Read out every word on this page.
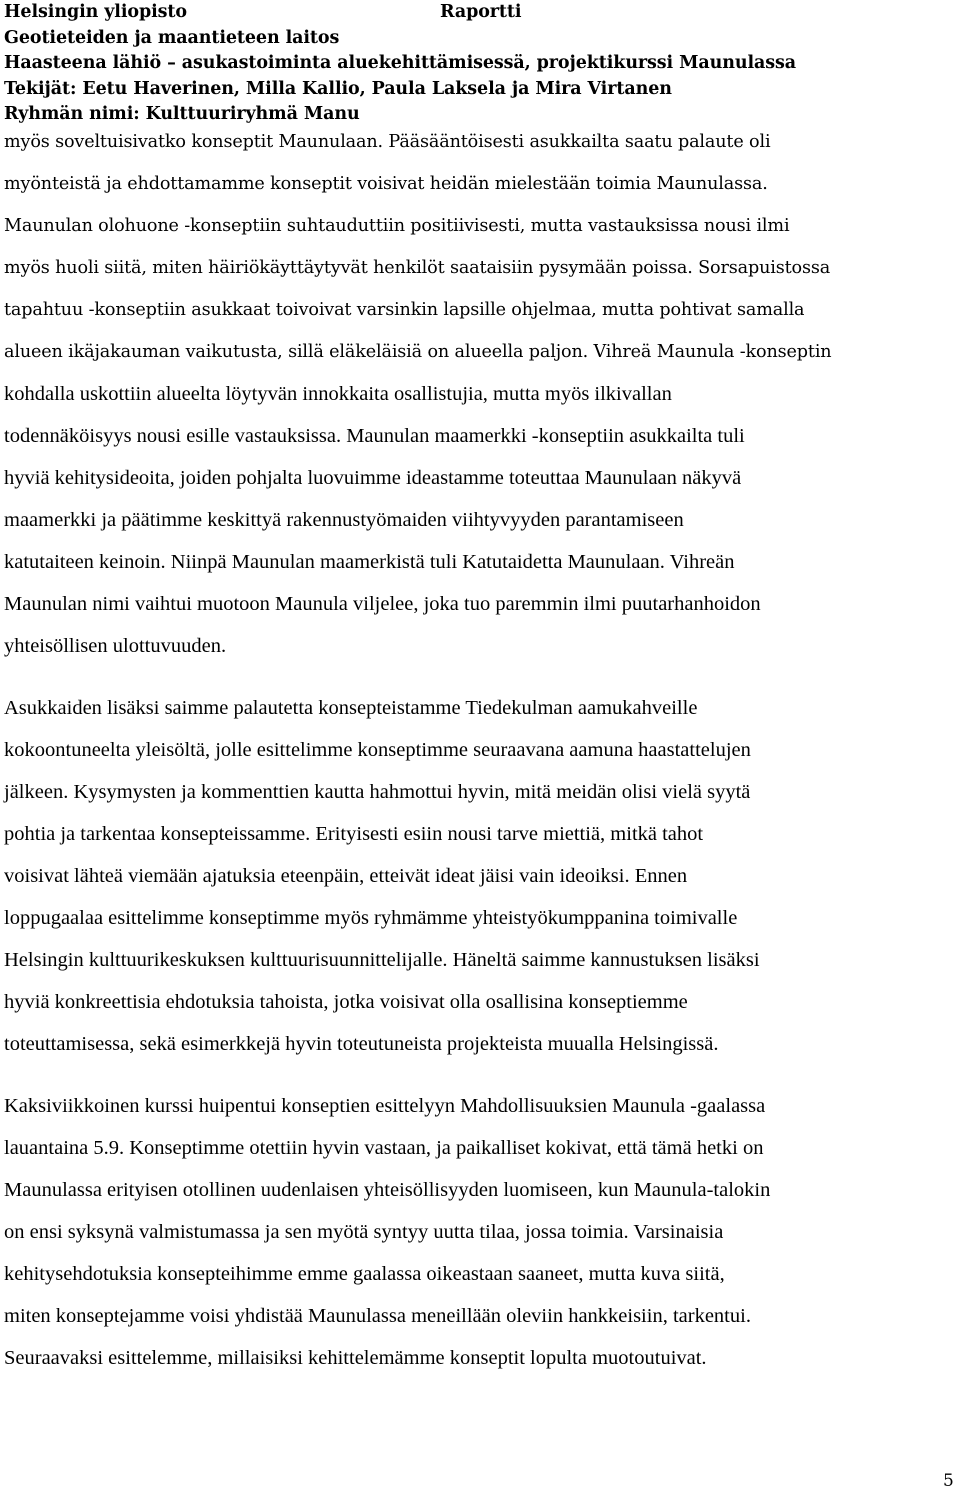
Helsingin yliopisto	Raportti
Geotieteiden ja maantieteen laitos
Haasteena lähiö – asukastoiminta aluekehittämisessä, projektikurssi Maunulassa
Tekijät: Eetu Haverinen, Milla Kallio, Paula Laksela ja Mira Virtanen
Ryhmän nimi: Kulttuuriryhmä Manu
myös soveltuisivatko konseptit Maunulaan. Pääsääntöisesti asukkailta saatu palaute oli
myönteistä ja ehdottamamme konseptit voisivat heidän mielestään toimia Maunulassa.
Maunulan olohuone -konseptiin suhtauduttiin positiivisesti, mutta vastauksissa nousi ilmi
myös huoli siitä, miten häiriökäyttäytyvät henkilöt saataisiin pysymään poissa. Sorsapuistossa
tapahtuu -konseptiin asukkaat toivoivat varsinkin lapsille ohjelmaa, mutta pohtivat samalla
alueen ikäjakauman vaikutusta, sillä eläkeläisiä on alueella paljon. Vihreä Maunula -konseptin
kohdalla uskottiin alueelta löytyvän innokkaita osallistujia, mutta myös ilkivallan
todennäköisyys nousi esille vastauksissa. Maunulan maamerkki -konseptiin asukkailta tuli
hyviä kehitysideoita, joiden pohjalta luovuimme ideastamme toteuttaa Maunulaan näkyvä
maamerkki ja päätimme keskittyä rakennustyömaiden viihtyvyyden parantamiseen
katutaiteen keinoin. Niinpä Maunulan maamerkistä tuli Katutaidetta Maunulaan. Vihreän
Maunulan nimi vaihtui muotoon Maunula viljelee, joka tuo paremmin ilmi puutarhanhoidon
yhteisöllisen ulottuvuuden.
Asukkaiden lisäksi saimme palautetta konsepteistamme Tiedekulman aamukahveille
kokoontuneelta yleisöltä, jolle esittelimme konseptimme seuraavana aamuna haastattelujen
jälkeen. Kysymysten ja kommenttien kautta hahmottui hyvin, mitä meidän olisi vielä syytä
pohtia ja tarkentaa konsepteissamme. Erityisesti esiin nousi tarve miettiä, mitkä tahot
voisivat lähteä viemään ajatuksia eteenpäin, etteivät ideat jäisi vain ideoiksi. Ennen
loppugaalaa esittelimme konseptimme myös ryhmämme yhteistyökumppanina toimivalle
Helsingin kulttuurikeskuksen kulttuurisuunnittelijalle. Häneltä saimme kannustuksen lisäksi
hyviä konkreettisia ehdotuksia tahoista, jotka voisivat olla osallisina konseptiemme
toteuttamisessa, sekä esimerkkejä hyvin toteutuneista projekteista muualla Helsingissä.
Kaksiviikkoinen kurssi huipentui konseptien esittelyyn Mahdollisuuksien Maunula -gaalassa
lauantaina 5.9. Konseptimme otettiin hyvin vastaan, ja paikalliset kokivat, että tämä hetki on
Maunulassa erityisen otollinen uudenlaisen yhteisöllisyyden luomiseen, kun Maunula-talokin
on ensi syksynä valmistumassa ja sen myötä syntyy uutta tilaa, jossa toimia. Varsinaisia
kehitysehdotuksia konsepteihimme emme gaalassa oikeastaan saaneet, mutta kuva siitä,
miten konseptejamme voisi yhdistää Maunulassa meneillään oleviin hankkeisiin, tarkentui.
Seuraavaksi esittelemme, millaisiksi kehittelemämme konseptit lopulta muotoutuivat.
5
